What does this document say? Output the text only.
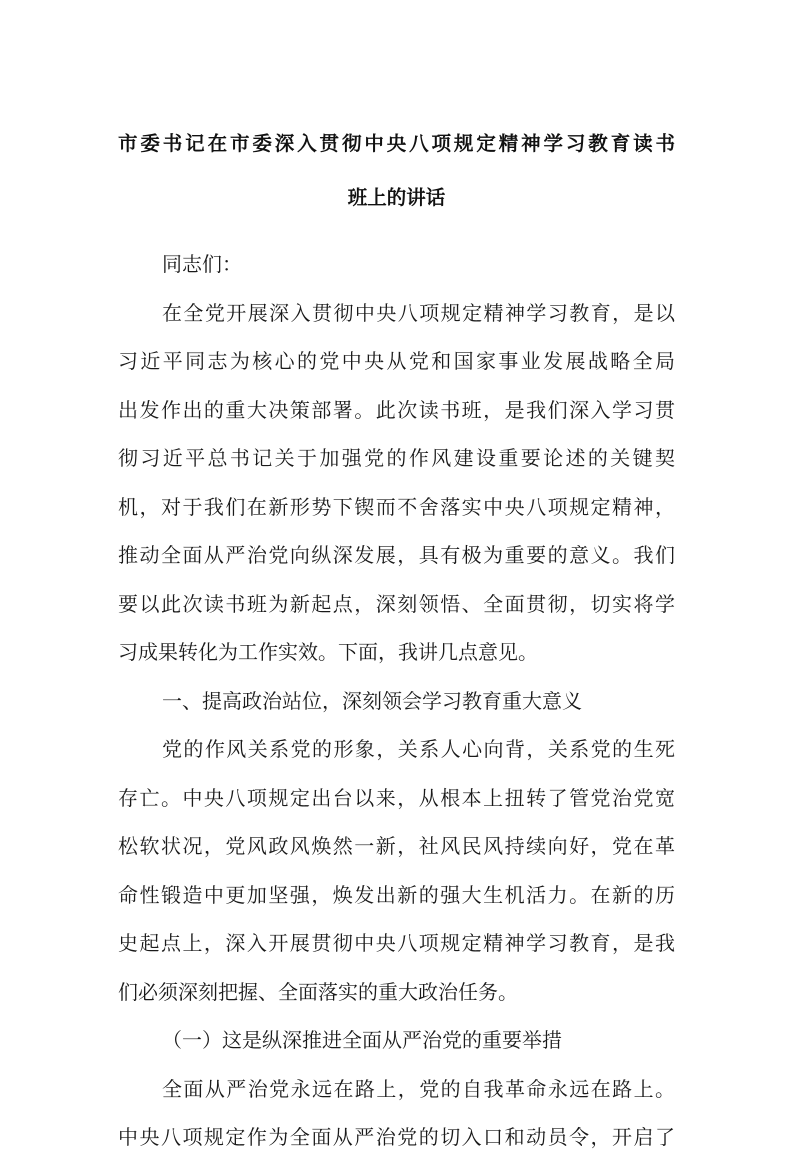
市委书记在市委深入贯彻中央八项规定精神学习教育读书
班上的讲话

同志们：

在全党开展深入贯彻中央八项规定精神学习教育，是以

习近平同志为核心的党中央从党和国家事业发展战略全局

出发作出的重大决策部署。此次读书班，是我们深入学习贯

彻习近平总书记关于加强党的作风建设重要论述的关键契

机，对于我们在新形势下锲而不舍落实中央八项规定精神，

推动全面从严治党向纵深发展，具有极为重要的意义。我们

要以此次读书班为新起点，深刻领悟、全面贯彻，切实将学

习成果转化为工作实效。下面，我讲几点意见。

一、提高政治站位，深刻领会学习教育重大意义

党的作风关系党的形象，关系人心向背，关系党的生死

存亡。中央八项规定出台以来，从根本上扭转了管党治党宽

松软状况，党风政风焕然一新，社风民风持续向好，党在革

命性锻造中更加坚强，焕发出新的强大生机活力。在新的历

史起点上，深入开展贯彻中央八项规定精神学习教育，是我

们必须深刻把握、全面落实的重大政治任务。

（一）这是纵深推进全面从严治党的重要举措

全面从严治党永远在路上，党的自我革命永远在路上。

中央八项规定作为全面从严治党的切入口和动员令，开启了
